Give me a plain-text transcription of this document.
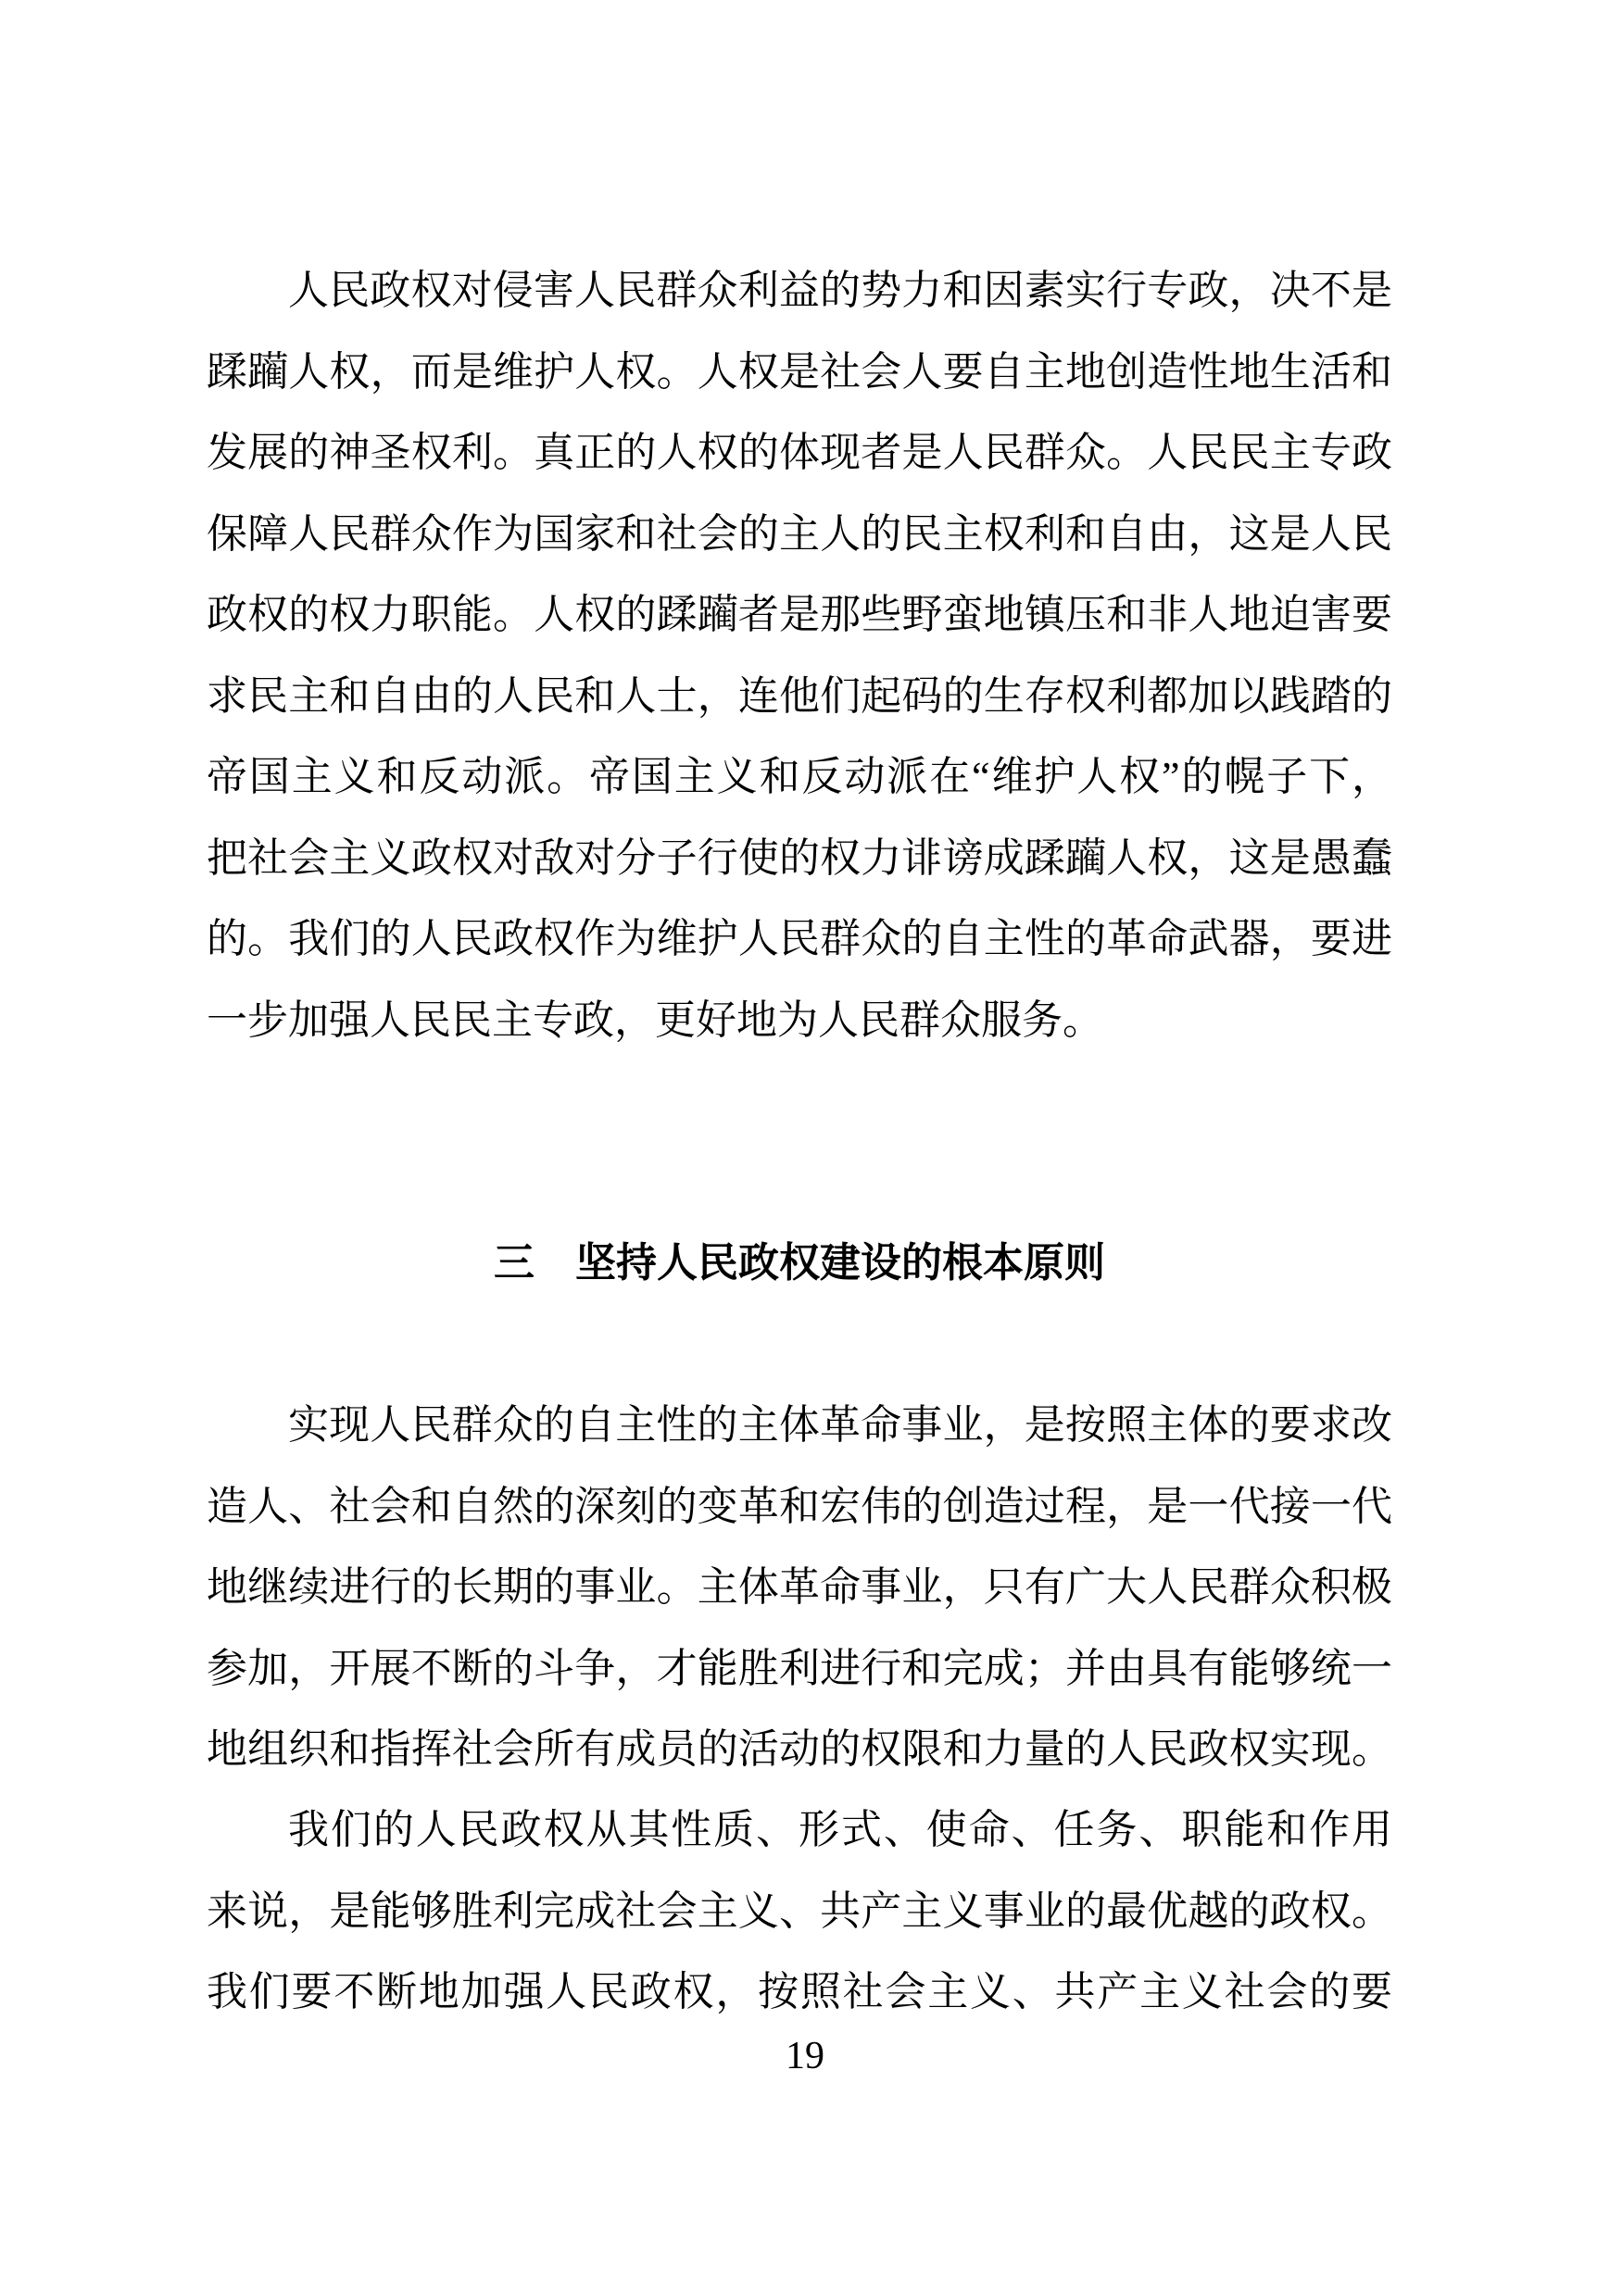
人民政权对侵害人民群众利益的势力和因素实行专政，决不是
蹂躏人权，而是维护人权。人权是社会人要自主地创造性地生活和
发展的神圣权利。真正的人权的体现者是人民群众。人民民主专政
保障人民群众作为国家和社会的主人的民主权利和自由，这是人民
政权的权力职能。人权的蹂躏者是那些野蛮地镇压和非人地迫害要
求民主和自由的人民和人士，连他们起码的生存权利都加以践踏的
帝国主义和反动派。帝国主义和反动派在“维护人权”的幌子下，
把社会主义政权对敌对分子行使的权力诽谤成蹂躏人权，这是愚蠢
的。我们的人民政权作为维护人民群众的自主性的革命武器，要进
一步加强人民民主专政，更好地为人民群众服务。
三 坚持人民政权建设的根本原则
实现人民群众的自主性的主体革命事业，是按照主体的要求改
造人、社会和自然的深刻的变革和宏伟的创造过程，是一代接一代
地继续进行的长期的事业。主体革命事业，只有广大人民群众积极
参加，开展不断的斗争，才能胜利进行和完成；并由具有能够统一
地组织和指挥社会所有成员的活动的权限和力量的人民政权实现。
我们的人民政权从其性质、形式、使命、任务、职能和作用
来说，是能够胜利完成社会主义、共产主义事业的最优越的政权。
我们要不断地加强人民政权，按照社会主义、共产主义社会的要
19
